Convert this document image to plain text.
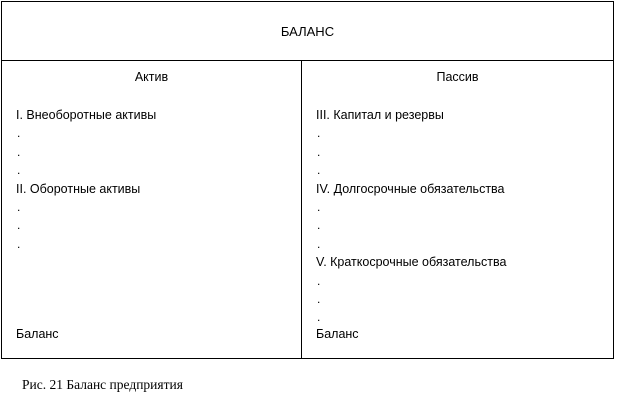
БАЛАНС
Актив
I. Внеоборотные активы
.
.
.
II. Оборотные активы
.
.
.
Баланс
Пассив
III. Капитал и резервы
.
.
.
IV. Долгосрочные обязательства
.
.
.
V. Краткосрочные обязательства
.
.
.
Баланс
Рис. 21 Баланс предприятия
